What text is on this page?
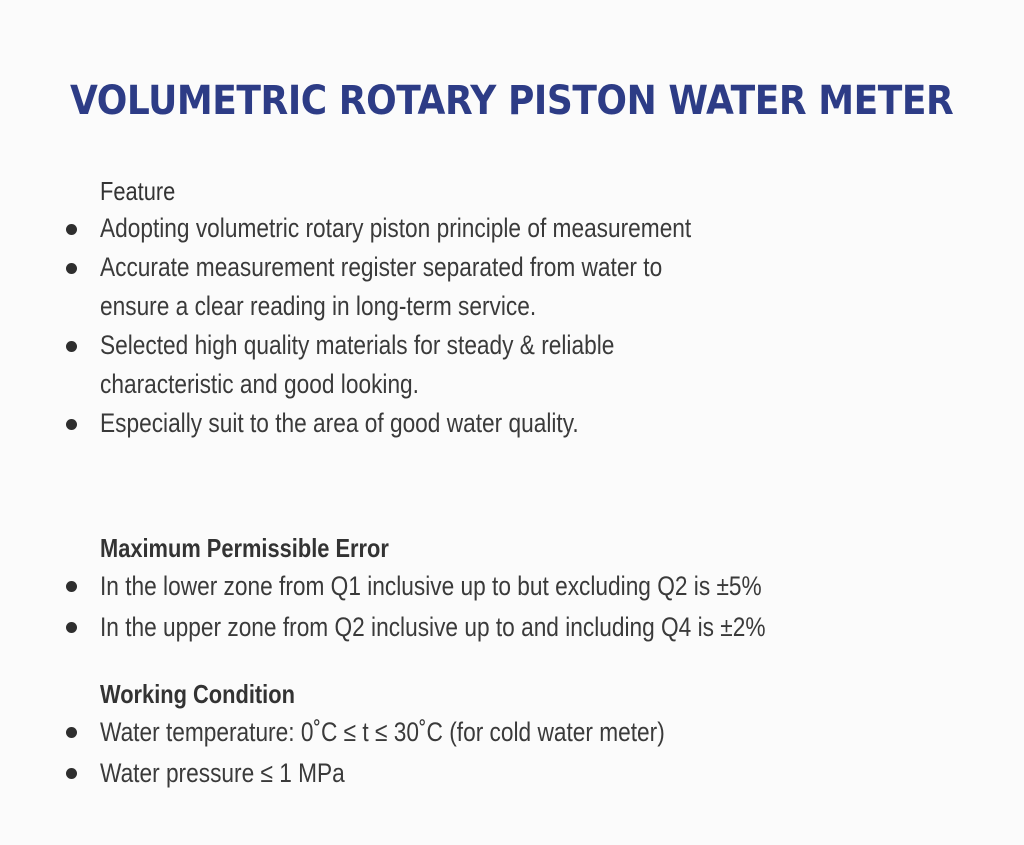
VOLUMETRIC ROTARY PISTON WATER METER
Feature
Adopting volumetric rotary piston principle of measurement
Accurate measurement register separated from water to
ensure a clear reading in long-term service.
Selected high quality materials for steady & reliable
characteristic and good looking.
Especially suit to the area of good water quality.
Maximum Permissible Error
In the lower zone from Q1 inclusive up to but excluding Q2 is ±5%
In the upper zone from Q2 inclusive up to and including Q4 is ±2%
Working Condition
Water temperature: 0˚C ≤ t ≤ 30˚C (for cold water meter)
Water pressure ≤ 1 MPa
